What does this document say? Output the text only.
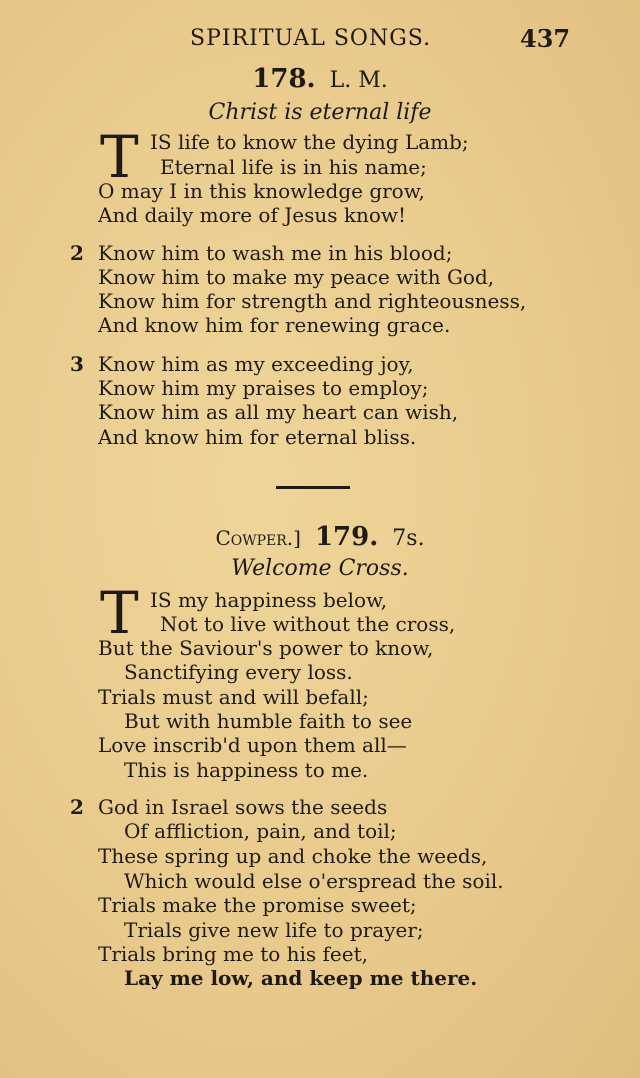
SPIRITUAL SONGS.	437
178. L. M.
Christ is eternal life
T IS life to know the dying Lamb;
Eternal life is in his name;
O may I in this knowledge grow,
And daily more of Jesus know!
2 Know him to wash me in his blood;
Know him to make my peace with God,
Know him for strength and righteousness,
And know him for renewing grace.
3 Know him as my exceeding joy,
Know him my praises to employ;
Know him as all my heart can wish,
And know him for eternal bliss.
Cowper.] 179. 7s.
Welcome Cross.
T IS my happiness below,
Not to live without the cross,
But the Saviour's power to know,
Sanctifying every loss.
Trials must and will befall;
But with humble faith to see
Love inscrib'd upon them all—
This is happiness to me.
2 God in Israel sows the seeds
Of affliction, pain, and toil;
These spring up and choke the weeds,
Which would else o'erspread the soil.
Trials make the promise sweet;
Trials give new life to prayer;
Trials bring me to his feet,
Lay me low, and keep me there.
